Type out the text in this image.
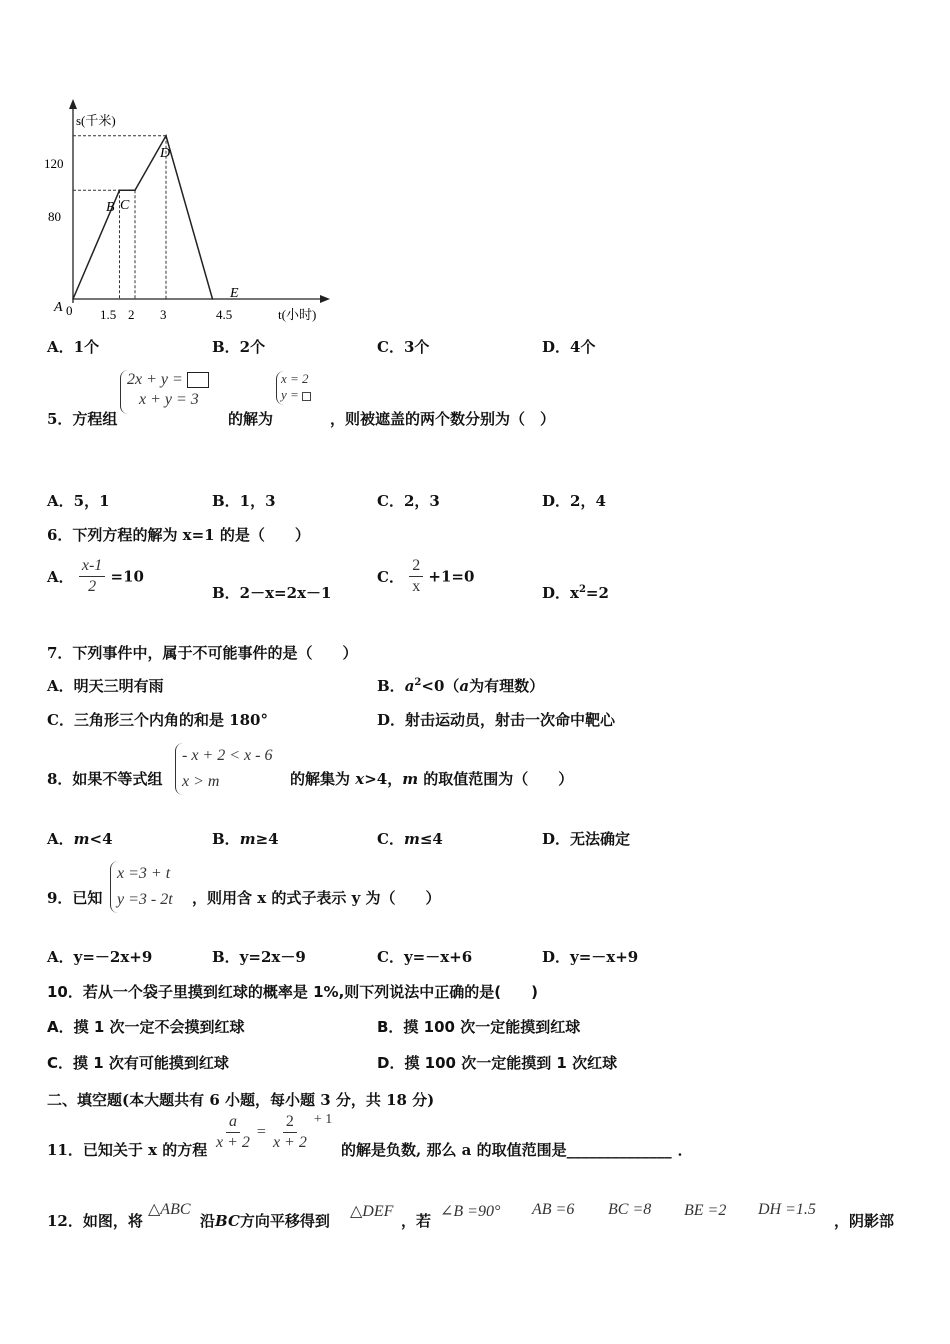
s(千米)
t(小时)
120
80
0 1.5 2 3	4.5
A
B C
D
E
A．1个	B．2个	C．3个	D．4个
5．方程组
2x + y =
x + y = 3
的解为
x = 2
y =
，则被遮盖的两个数分别为（　）
A．5，1	B．1，3	C．2，3	D．2，4
6．下列方程的解为 x=1 的是（　　）
A． $\frac{x-1}{2} =10$
B．2－x=2x－1
C． $\frac{2}{x} +1=0$
D．$x^2=2$
7．下列事件中，属于不可能事件的是（　　）
A．明天三明有雨	B．$a^2<0(a$为有理数）
C．三角形三个内角的和是 180°	D．射击运动员，射击一次命中靶心
8．如果不等式组
- x + 2 < x - 6
x > m	的解集为 x>4，m 的取值范围为（　　）
A．m<4	B．m≥4	C．m≤4	D．无法确定
9．已知
x =3 + t
y =3 - 2t ，则用含 x 的式子表示 y 为（　　）
A．y=－2x+9	B．y=2x－9	C．y=－x+6	D．y=－x+9
10．若从一个袋子里摸到红球的概率是 1%,则下列说法中正确的是(　　)
A．摸 1 次一定不会摸到红球	B．摸 100 次一定能摸到红球
C．摸 1 次有可能摸到红球	D．摸 100 次一定能摸到 1 次红球
二、填空题(本大题共有 6 小题，每小题 3 分，共 18 分)
11．已知关于 x 的方程 $\frac{a}{x + 2} = \frac{2}{x + 2} + 1$
的解是负数, 那么 a 的取值范围是______________ ．
12．如图，将
△ABC
沿BC方向平移得到
△DEF
，若
∠B =90° AB =6 BC =8 BE =2 DH =1.5
，阴影部
